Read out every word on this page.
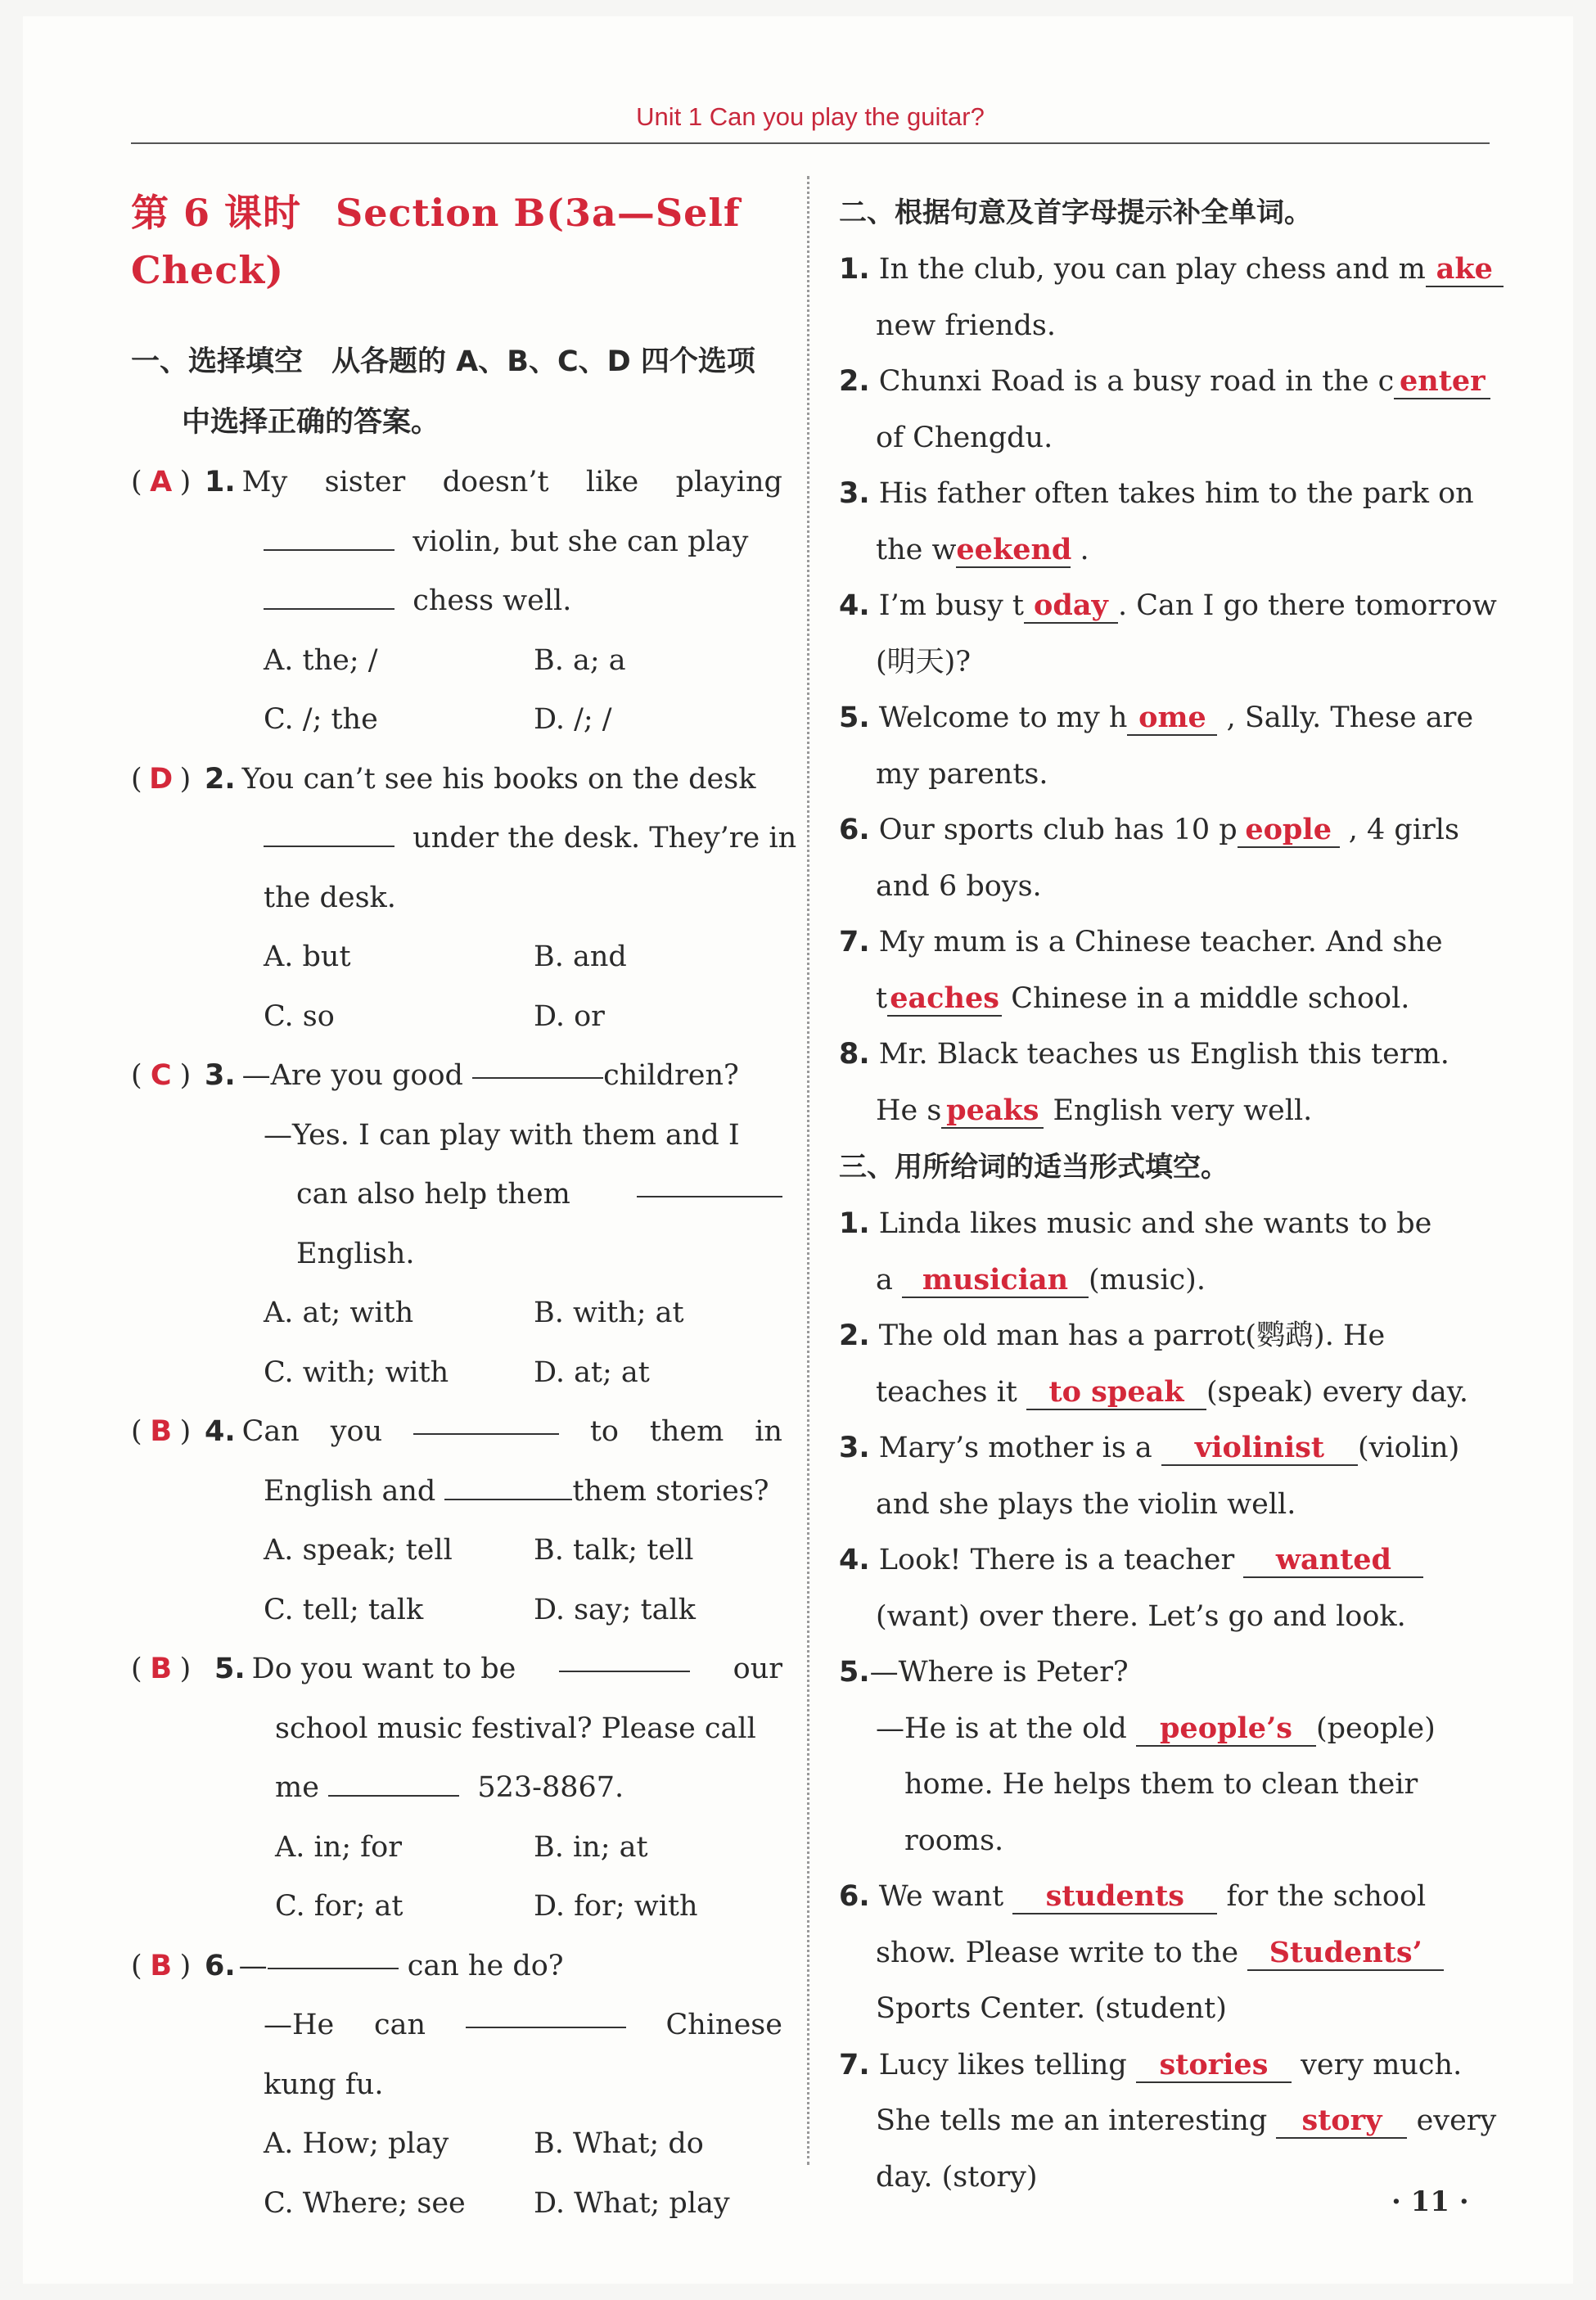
Unit 1 Can you play the guitar?
第 6 课时 Section B(3a—Self Check)
一、选择填空　从各题的 A、B、C、D 四个选项
中选择正确的答案。
( A ) 1. My sister doesn’t like playing
violin, but she can play
chess well.
A. the; /	B. a; a
C. /; the	D. /; /
( D ) 2. You can’t see his books on the desk
under the desk. They’re in
the desk.
A. but	B. and
C. so	D. or
( C ) 3. —Are you good
	children?
—Yes. I can play with them and I
can also help them
English.
A. at; with	B. with; at
C. with; with	D. at; at
( B ) 4. Can you	to them in
English and	them stories?
A. speak; tell	B. talk; tell
C. tell; talk	D. say; talk
( B ) 5. Do you want to be	our
school music festival? Please call
me	523-8867.
A. in; for	B. in; at
C. for; at	D. for; with
( B ) 6. —
	can he do?
—He can	Chinese
kung fu.
A. How; play	B. What; do
C. Where; see	D. What; play
二、根据句意及首字母提示补全单词。
1. In the club, you can play chess and m ake
new friends.
2. Chunxi Road is a busy road in the c enter
of Chengdu.
3. His father often takes him to the park on
the weekend .
4. I’m busy t oday . Can I go there tomorrow
(明天)?
5. Welcome to my h ome , Sally. These are
my parents.
6. Our sports club has 10 p eople , 4 girls
and 6 boys.
7. My mum is a Chinese teacher. And she
teaches Chinese in a middle school.
8. Mr. Black teaches us English this term.
He s peaks English very well.
三、用所给词的适当形式填空。
1. Linda likes music and she wants to be
a musician (music).
2. The old man has a parrot(鹦鹉). He
teaches it to speak (speak) every day.
3. Mary’s mother is a violinist (violin)
and she plays the violin well.
4. Look! There is a teacher wanted
(want) over there. Let’s go and look.
5.—Where is Peter?
—He is at the old people’s (people)
home. He helps them to clean their
rooms.
6. We want students for the school
show. Please write to the Students’
Sports Center. (student)
7. Lucy likes telling stories very much.
She tells me an interesting story every
day. (story)
· 11 ·
